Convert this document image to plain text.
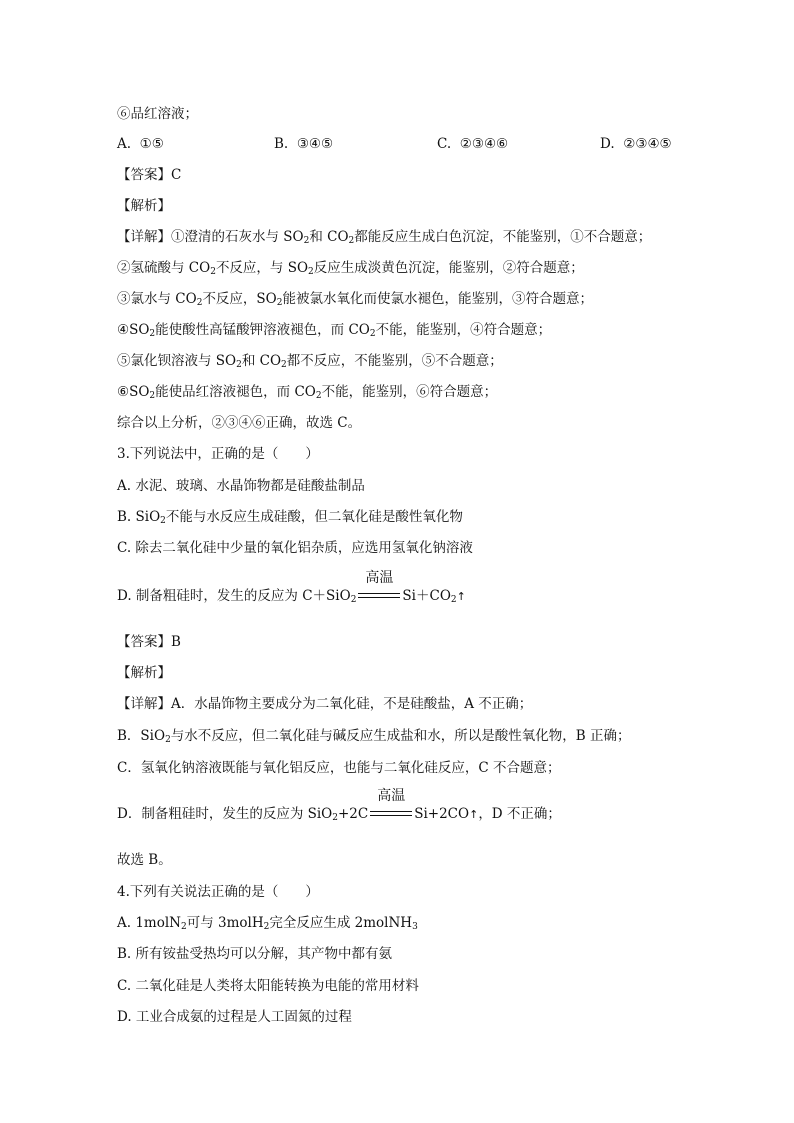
⑥品红溶液；
A. ①⑤	B. ③④⑤	C. ②③④⑥	D. ②③④⑤
【答案】C
【解析】
【详解】①澄清的石灰水与 $SO_2$和 $CO_2$都能反应生成白色沉淀，不能鉴别，①不合题意；
②氢硫酸与 $CO_2$不反应，与 $SO_2$反应生成淡黄色沉淀，能鉴别，②符合题意；
③氯水与 $CO_2$不反应，$SO_2$能被氯水氧化而使氯水褪色，能鉴别，③符合题意；
$④SO_2$能使酸性高锰酸钾溶液褪色，而 $CO_2$不能，能鉴别，④符合题意；
⑤氯化钡溶液与 $SO_2$和 $CO_2$都不反应，不能鉴别，⑤不合题意；
$⑥SO_2$能使品红溶液褪色，而 $CO_2$不能，能鉴别，⑥符合题意；
综合以上分析，②③④⑥正确，故选 C。
3.下列说法中，正确的是（　　）
A. 水泥、玻璃、水晶饰物都是硅酸盐制品
B. SiO$_2$不能与水反应生成硅酸，但二氧化硅是酸性氧化物
C. 除去二氧化硅中少量的氧化铝杂质，应选用氢氧化钠溶液
D. 制备粗硅时，发生的反应为 C＋SiO$_2$
高温
$Si+CO_2↑$
【答案】B
【解析】
【详解】A．水晶饰物主要成分为二氧化硅，不是硅酸盐，A 不正确；
B．SiO$_2$与水不反应，但二氧化硅与碱反应生成盐和水，所以是酸性氧化物，B 正确；
C．氢氧化钠溶液既能与氧化铝反应，也能与二氧化硅反应，C 不合题意；
D．制备粗硅时，发生的反应为 SiO$_2$+2C
高温
Si+2CO↑，D 不正确；
故选 B。
4.下列有关说法正确的是（　　）
A. 1molN$_2$可与 3molH$_2$完全反应生成 2molNH$_3$
B. 所有铵盐受热均可以分解，其产物中都有氨
C. 二氧化硅是人类将太阳能转换为电能的常用材料
D. 工业合成氨的过程是人工固氮的过程
